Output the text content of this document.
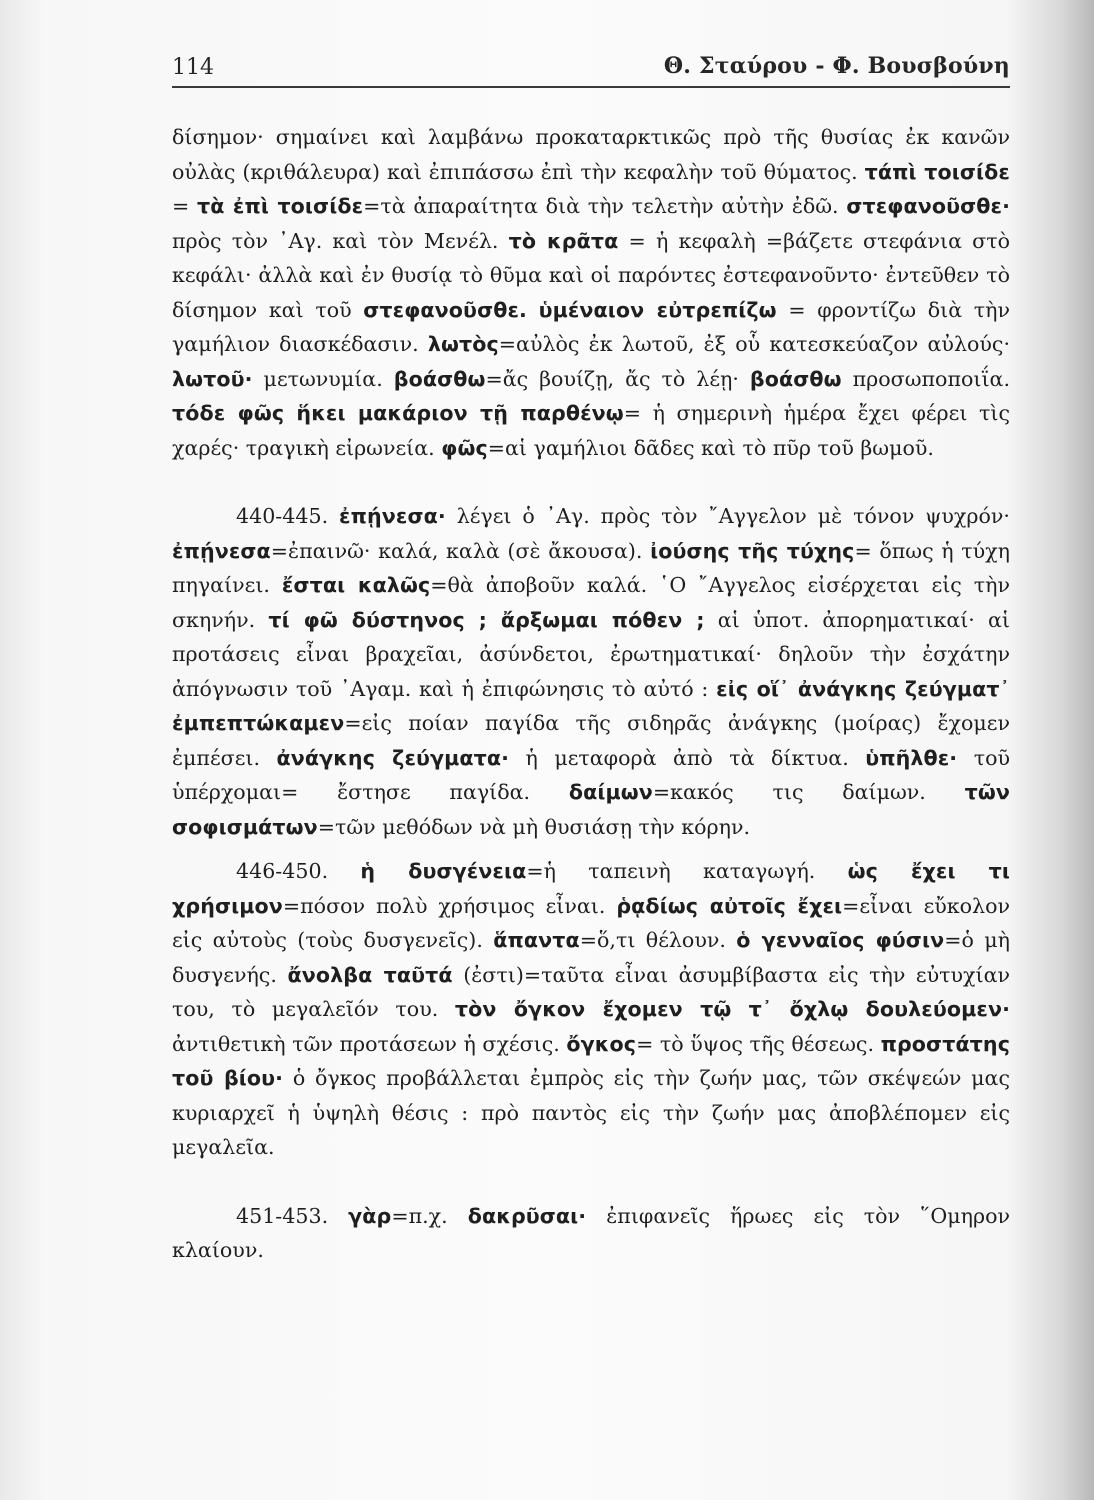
114	Θ. Σταύρου - Φ. Βουσβούνη

δίσημον· σημαίνει καὶ λαμβάνω προκαταρκτικῶς πρὸ τῆς θυσίας ἐκ κανῶν οὐλὰς (κριθάλευρα) καὶ ἐπιπάσσω ἐπὶ τὴν κεφαλὴν τοῦ θύματος. τάπὶ τοισίδε = τὰ ἐπὶ τοισίδε=τὰ ἀπαραίτητα διὰ τὴν τελετὴν αὐτὴν ἐδῶ. στεφανοῦσθε· πρὸς τὸν ᾿Αγ. καὶ τὸν Μενέλ. τὸ κρᾶτα = ἡ κεφαλὴ =βάζετε στεφάνια στὸ κεφάλι· ἀλλὰ καὶ ἐν θυσίᾳ τὸ θῦμα καὶ οἱ παρόντες ἐστεφανοῦντο· ἐντεῦθεν τὸ δίσημον καὶ τοῦ στεφανοῦσθε. ὑμέναιον εὐτρεπίζω = φροντίζω διὰ τὴν γαμήλιον διασκέδασιν. λωτὸς=αὐλὸς ἐκ λωτοῦ, ἐξ οὗ κατεσκεύαζον αὐλούς· λωτοῦ· μετωνυμία. βοάσθω=ἄς βουίζῃ, ἄς τὸ λέῃ· βοάσθω προσωποποιΐα. τόδε φῶς ἥκει μακάριον τῇ παρθένῳ= ἡ σημερινὴ ἡμέρα ἔχει φέρει τὶς χαρές· τραγικὴ εἰρωνεία. φῶς=αἱ γαμήλιοι δᾶδες καὶ τὸ πῦρ τοῦ βωμοῦ.

440-445. ἐπῄνεσα· λέγει ὁ ᾿Αγ. πρὸς τὸν ῎Αγγελον μὲ τόνον ψυχρόν· ἐπῄνεσα=ἐπαινῶ· καλά, καλὰ (σὲ ἄκουσα). ἰούσης τῆς τύχης= ὅπως ἡ τύχη πηγαίνει. ἔσται καλῶς=θὰ ἀποβοῦν καλά. ῾Ο ῎Αγγελος εἰσέρχεται εἰς τὴν σκηνήν. τί φῶ δύστηνος ; ἄρξωμαι πόθεν ; αἱ ὑποτ. ἀπορηματικαί· αἱ προτάσεις εἶναι βραχεῖαι, ἀσύνδετοι, ἐρωτηματικαί· δηλοῦν τὴν ἐσχάτην ἀπόγνωσιν τοῦ ᾿Αγαμ. καὶ ἡ ἐπιφώνησις τὸ αὐτό : εἰς οἵ᾿ ἀνάγκης ζεύγματ᾿ ἐμπεπτώκαμεν=εἰς ποίαν παγίδα τῆς σιδηρᾶς ἀνάγκης (μοίρας) ἔχομεν ἐμπέσει. ἀνάγκης ζεύγματα· ἡ μεταφορὰ ἀπὸ τὰ δίκτυα. ὑπῆλθε· τοῦ ὑπέρχομαι= ἔστησε παγίδα. δαίμων=κακός τις δαίμων. τῶν σοφισμάτων=τῶν μεθόδων νὰ μὴ θυσιάσῃ τὴν κόρην.

446-450. ἡ δυσγένεια=ἡ ταπεινὴ καταγωγή. ὡς ἔχει τι χρήσιμον=πόσον πολὺ χρήσιμος εἶναι. ῥᾳδίως αὐτοῖς ἔχει=εἶναι εὔκολον εἰς αὐτοὺς (τοὺς δυσγενεῖς). ἅπαντα=ὅ,τι θέλουν. ὁ γενναῖος φύσιν=ὁ μὴ δυσγενής. ἄνολβα ταῦτά (ἐστι)=ταῦτα εἶναι ἀσυμβίβαστα εἰς τὴν εὐτυχίαν του, τὸ μεγαλεῖόν του. τὸν ὄγκον ἔχομεν τῷ τ᾿ ὄχλῳ δουλεύομεν· ἀντιθετικὴ τῶν προτάσεων ἡ σχέσις. ὄγκος= τὸ ὕψος τῆς θέσεως. προστάτης τοῦ βίου· ὁ ὄγκος προβάλλεται ἐμπρὸς εἰς τὴν ζωήν μας, τῶν σκέψεών μας κυριαρχεῖ ἡ ὑψηλὴ θέσις : πρὸ παντὸς εἰς τὴν ζωήν μας ἀποβλέπομεν εἰς μεγαλεῖα.

451-453. γὰρ=π.χ. δακρῦσαι· ἐπιφανεῖς ἥρωες εἰς τὸν ῞Ομηρον κλαίουν.
